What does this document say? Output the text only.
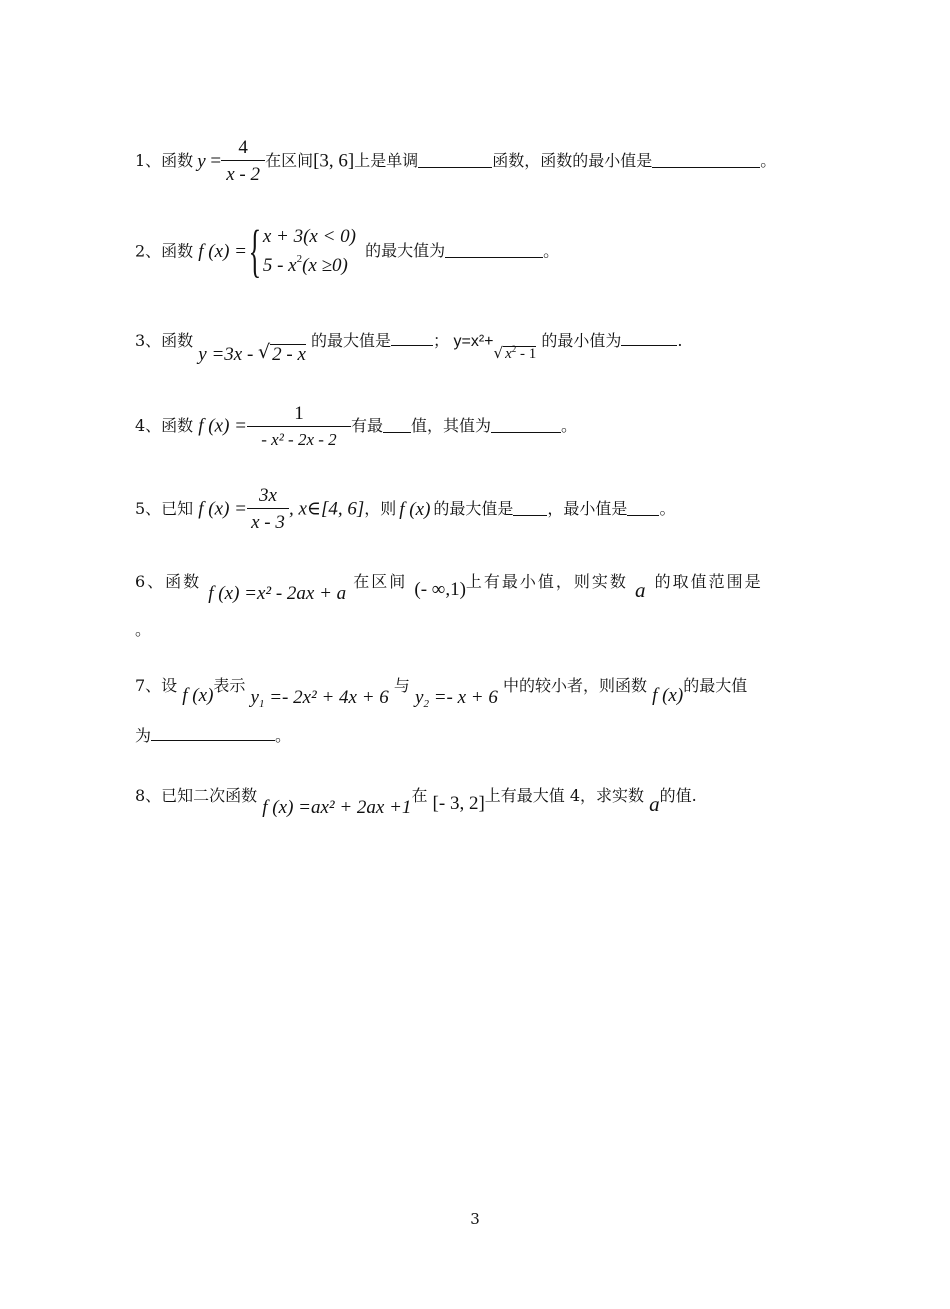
1、函数 $y = \frac{4}{x - 2}$ 在区间[3, 6]上是单调	函数，函数的最小值是	。
2、函数 f (x) ={ x + 3(x < 0)
$5 - x^2(x \ge 0)$
的最大值为	。
3、函数 y =3x - √ 2 - x 的最大值是	； y=x²+√ $x^2 - 1$ 的最小值为	.
4、函数 f $(x) = \frac{1}{\text{- x² - 2x - 2}}$ 有最 值，其值为	。
5、已知 f $(x) = \frac{3x}{x - 3}$ , x∈[4, 6]，则 f (x) 的最大值是 ，最小值是 。
6、函数 f (x) =x² - 2ax + a 在区间 (- ∞,1)上有最小值，则实数 a 的取值范围是
。
7、设 f (x)表示 $y_1 =- 2x^2 + 4x + 6$ 与 $y_2 =- x + 6$ 中的较小者，则函数 f (x)的最大值
为	。
8、已知二次函数 f (x) =ax² + 2ax +1在 [- 3, 2]上有最大值 4，求实数 a的值.
3
